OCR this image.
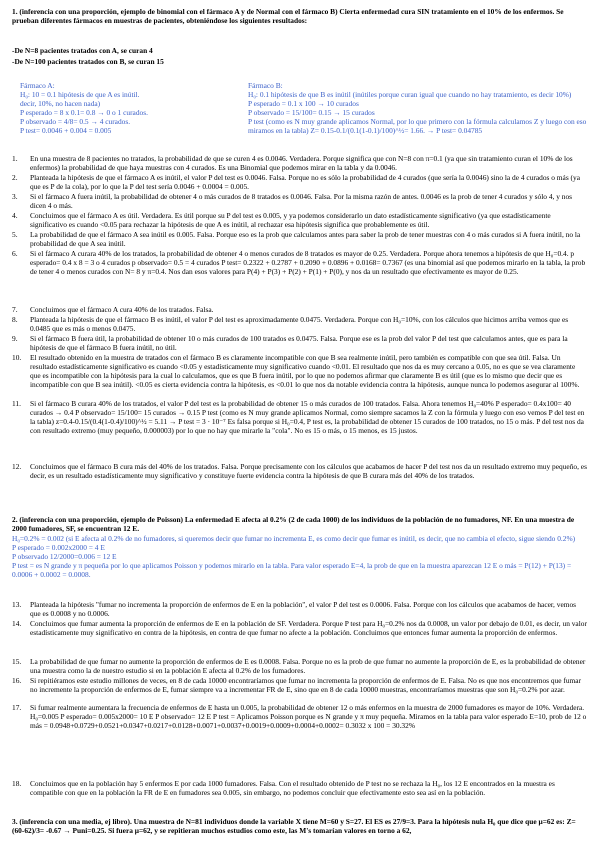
1. (inferencia con una proporción, ejemplo de binomial con el fármaco A y de Normal con el fármaco B) Cierta enfermedad cura SIN tratamiento en el 10% de los enfermos. Se prueban diferentes fármacos en muestras de pacientes, obteniéndose los siguientes resultados:
-De N=8 pacientes tratados con A, se curan 4
-De N=100 pacientes tratados con B, se curan 15
Fármaco A:
H₀: 10 = 0.1 hipótesis de que A es inútil.
decir, 10%, no hacen nada)
P esperado = 8 x 0.1= 0.8 → 0 o 1 curados.
P observado = 4/8= 0.5 → 4 curados.
P test= 0.0046 + 0.004 = 0.005
Fármaco B:
H₀: 0.1 hipótesis de que B es inútil (inútiles porque curan igual que cuando no hay tratamiento, es decir 10%)
P esperado = 0.1 x 100 → 10 curados
P observado = 15/100= 0.15 → 15 curados
P test (como es N muy grande aplicamos Normal, por lo que primero con la fórmula calculamos Z y luego con eso miramos en la tabla) Z= 0.15-0.1/(0.1(1-0.1)/100)^½= 1.66. → P test= 0.04785
1.	En una muestra de 8 pacientes no tratados, la probabilidad de que se curen 4 es 0.0046. Verdadera. Porque significa que con N=8 con π=0.1 (ya que sin tratamiento curan el 10% de los enfermos) la probabilidad de que haya muestras con 4 curados. Es una Binomial que podemos mirar en la tabla y da 0.0046.
2.	Planteada la hipótesis de que el fármaco A es inútil, el valor P del test es 0.0046. Falsa. Porque no es sólo la probabilidad de 4 curados (que sería la 0.0046) sino la de 4 curados o más (ya que es P de la cola), por lo que la P del test sería 0.0046 + 0.0004 = 0.005.
3.	Si el fármaco A fuera inútil, la probabilidad de obtener 4 o más curados de 8 tratados es 0.0046. Falsa. Por la misma razón de antes. 0.0046 es la prob de tener 4 curados y sólo 4, y nos dicen 4 o más.
4.	Concluimos que el fármaco A es útil. Verdadera. Es útil porque su P del test es 0.005, y ya podemos considerarlo un dato estadísticamente significativo (ya que estadísticamente significativo es cuando <0.05 para rechazar la hipótesis de que A es inútil, al rechazar esa hipótesis significa que probablemente es útil.
5.	La probabilidad de que el fármaco A sea inútil es 0.005. Falsa. Porque eso es la prob que calculamos antes para saber la prob de tener muestras con 4 o más curados si A fuera inútil, no la probabilidad de que A sea inútil.
6.	Si el fármaco A curara 40% de los tratados, la probabilidad de obtener 4 o menos curados de 8 tratados es mayor de 0.25. Verdadera. Porque ahora tenemos a hipótesis de que H₀=0.4. p esperado= 0.4 x 8 = 3 o 4 curados p observado= 0.5 = 4 curados P test= 0.2322 + 0.2787 + 0.2090 + 0.0896 + 0.0168= 0.7367 (es una binomial así que podemos mirarlo en la tabla, la prob de tener 4 o menos curados con N= 8 y π=0.4. Nos dan esos valores para P(4) + P(3) + P(2) + P(1) + P(0), y nos da un resultado que efectivamente es mayor de 0.25.
7.	Concluimos que el fármaco A cura 40% de los tratados. Falsa.
8.	Planteada la hipótesis de que el fármaco B es inútil, el valor P del test es aproximadamente 0.0475. Verdadera. Porque con H₀=10%, con los cálculos que hicimos arriba vemos que es 0.0485 que es más o menos 0.0475.
9.	Si el fármaco B fuera útil, la probabilidad de obtener 10 o más curados de 100 tratados es 0.0475. Falsa. Porque ese es la prob del valor P del test que calculamos antes, que es para la hipótesis de que el fármaco B fuera inútil, no útil.
10.	El resultado obtenido en la muestra de tratados con el fármaco B es claramente incompatible con que B sea realmente inútil, pero también es compatible con que sea útil. Falsa. Un resultado estadísticamente significativo es cuando <0.05 y estadísticamente muy significativo cuando <0.01. El resultado que nos da es muy cercano a 0.05, no es que se vea claramente que es incompatible con la hipótesis para la cual lo calculamos, que es que B fuera inútil, por lo que no podemos afirmar que claramente B es útil (que es lo mismo que decir que es incompatible con que B sea inútil). <0.05 es cierta evidencia contra la hipótesis, es <0.01 lo que nos da notable evidencia contra la hipótesis, aunque nunca lo podemos asegurar al 100%.
11.	Si el fármaco B curara 40% de los tratados, el valor P del test es la probabilidad de obtener 15 o más curados de 100 tratados. Falsa. Ahora tenemos H₀=40% P esperado= 0.4x100= 40 curados → 0.4 P observado= 15/100= 15 curados → 0.15 P test (como es N muy grande aplicamos Normal, como siempre sacamos la Z con la fórmula y luego con eso vemos P del test en la tabla) z=0.4-0.15/(0.4(1-0.4)/100)^½ = 5.11 → P test = 3 · 10⁻⁷ Es falsa porque si H₀=0.4, P test es, la probabilidad de obtener 15 curados de 100 tratados, no 15 o más. P del test nos da con resultado extremo (muy pequeño, 0.000003) por lo que no hay que mirarle la "cola". No es 15 o más, o 15 menos, es 15 justos.
12.	Concluimos que el fármaco B cura más del 40% de los tratados. Falsa. Porque precisamente con los cálculos que acabamos de hacer P del test nos da un resultado extremo muy pequeño, es decir, es un resultado estadísticamente muy significativo y constituye fuerte evidencia contra la hipótesis de que B curara más del 40% de los tratados.
2. (inferencia con una proporción, ejemplo de Poisson) La enfermedad E afecta al 0.2% (2 de cada 1000) de los individuos de la población de no fumadores, NF. En una muestra de 2000 fumadores, SF, se encuentran 12 E.
H₀=0.2% = 0.002 (si E afecta al 0.2% de no fumadores, si queremos decir que fumar no incrementa E, es como decir que fumar es inútil, es decir, que no cambia el efecto, sigue siendo 0.2%)
P esperado = 0.002x2000 = 4 E
P observado 12/2000=0.006 = 12 E
P test = es N grande y π pequeña por lo que aplicamos Poisson y podemos mirarlo en la tabla. Para valor esperado E=4, la prob de que en la muestra aparezcan 12 E o más = P(12) + P(13) = 0.0006 + 0.0002 = 0.0008.
13.	Planteada la hipótesis "fumar no incrementa la proporción de enfermos de E en la población", el valor P del test es 0.0006. Falsa. Porque con los cálculos que acabamos de hacer, vemos que es 0.0008 y no 0.0006.
14.	Concluimos que fumar aumenta la proporción de enfermos de E en la población de SF. Verdadera. Porque P test para H₀=0.2% nos da 0.0008, un valor por debajo de 0.01, es decir, un valor estadísticamente muy significativo en contra de la hipótesis, en contra de que fumar no afecte a la población. Concluimos que entonces fumar aumenta la proporción de enfermos.
15.	La probabilidad de que fumar no aumente la proporción de enfermos de E es 0.0008. Falsa. Porque no es la prob de que fumar no aumente la proporción de E, es la probabilidad de obtener una muestra como la de nuestro estudio si en la población E afecta al 0.2% de los fumadores.
16.	Si repitiéramos este estudio millones de veces, en 8 de cada 10000 encontraríamos que fumar no incrementa la proporción de enfermos de E. Falsa. No es que nos encontremos que fumar no incremente la proporción de enfermos de E, fumar siempre va a incrementar FR de E, sino que en 8 de cada 10000 muestras, encontraríamos muestras que son H₀=0.2% por azar.
17.	Si fumar realmente aumentara la frecuencia de enfermos de E hasta un 0.005, la probabilidad de obtener 12 o más enfermos en la muestra de 2000 fumadores es mayor de 10%. Verdadera. H₀=0.005 P esperado= 0.005x2000= 10 E P observado= 12 E P test = Aplicamos Poisson porque es N grande y π muy pequeña. Miramos en la tabla para valor esperado E=10, prob de 12 o más = 0.0948+0.0729+0.0521+0.0347+0.0217+0.0128+0.0071+0.0037+0.0019+0.0009+0.0004+0.0002= 0.3032 x 100 = 30.32%
18.	Concluimos que en la población hay 5 enfermos E por cada 1000 fumadores. Falsa. Con el resultado obtenido de P test no se rechaza la H₀, los 12 E encontrados en la muestra es compatible con que en la población la FR de E en fumadores sea 0.005, sin embargo, no podemos concluir que efectivamente esto sea así en la población.
3. (inferencia con una media, ej libro). Una muestra de N=81 individuos donde la variable X tiene M=60 y S=27. El ES es 27/9=3. Para la hipótesis nula H₀ que dice que μ=62 es: Z=(60-62)/3= -0.67 → Puni=0.25. Si fuera μ=62, y se repitieran muchos estudios como este, las M's tomarían valores en torno a 62,
